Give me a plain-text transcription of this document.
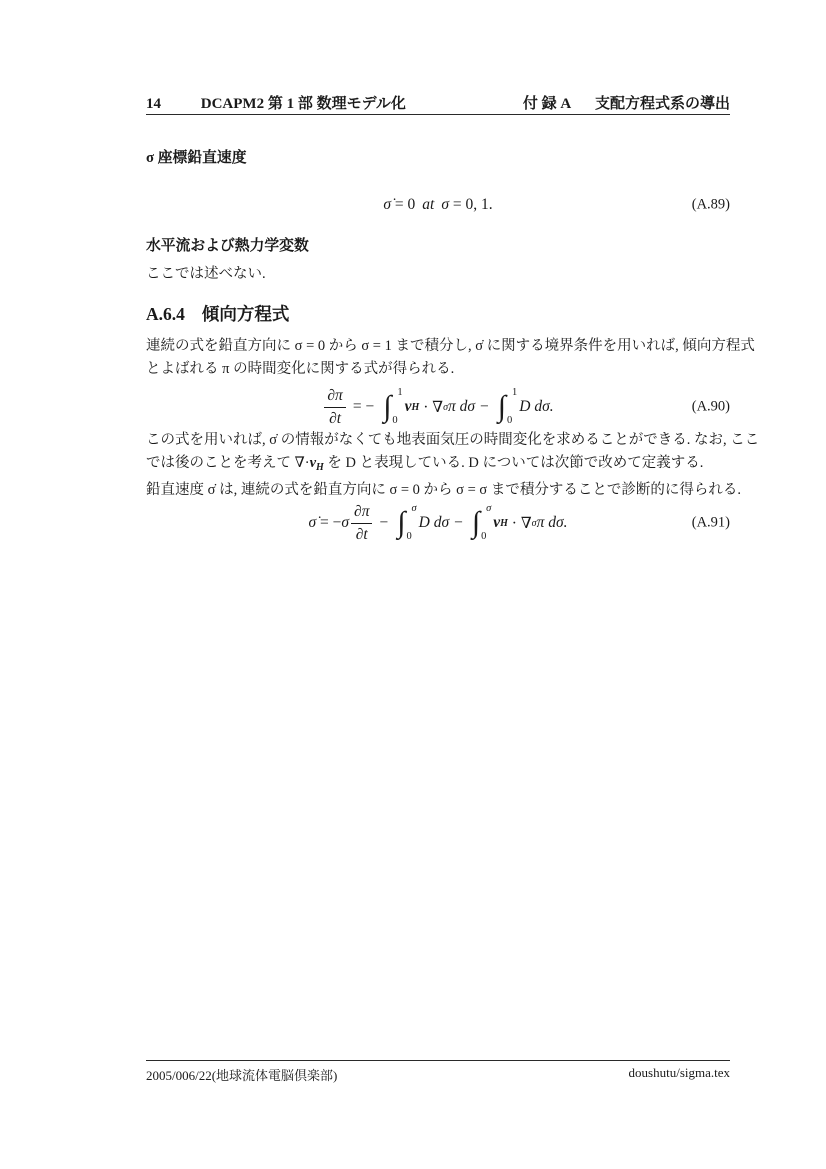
14	DCAPM2 第 1 部 数理モデル化	付 録 A 支配方程式系の導出
σ 座標鉛直速度
σ̇ = 0 at σ = 0, 1.	(A.89)
水平流および熱力学変数
ここでは述べない.
A.6.4 傾向方程式
連続の式を鉛直方向に σ = 0 から σ = 1 まで積分し, σ̇ に関する境界条件を用いれば, 傾向方程式
とよばれる π の時間変化に関する式が得られる.
$\frac{\partial\pi}{\partial t}$ = − ∫ 1
0
v H · ∇ σ π dσ − ∫ 1
0
D dσ.	(A.90)
この式を用いれば, σ̇ の情報がなくても地表面気圧の時間変化を求めることができる. なお, ここ
では後のことを考えて $\nabla\cdot v_H$ を D と表現している. D については次節で改めて定義する.
鉛直速度 σ̇ は, 連続の式を鉛直方向に σ = 0 から σ = σ まで積分することで診断的に得られる.
σ̇ = − σ $\frac{\partial\pi}{\partial t}$ − ∫ σ
0
D dσ − ∫ σ
0
v H · ∇ σ π dσ.	(A.91)
2005/006/22(地球流体電脳倶楽部)	doushutu/sigma.tex
